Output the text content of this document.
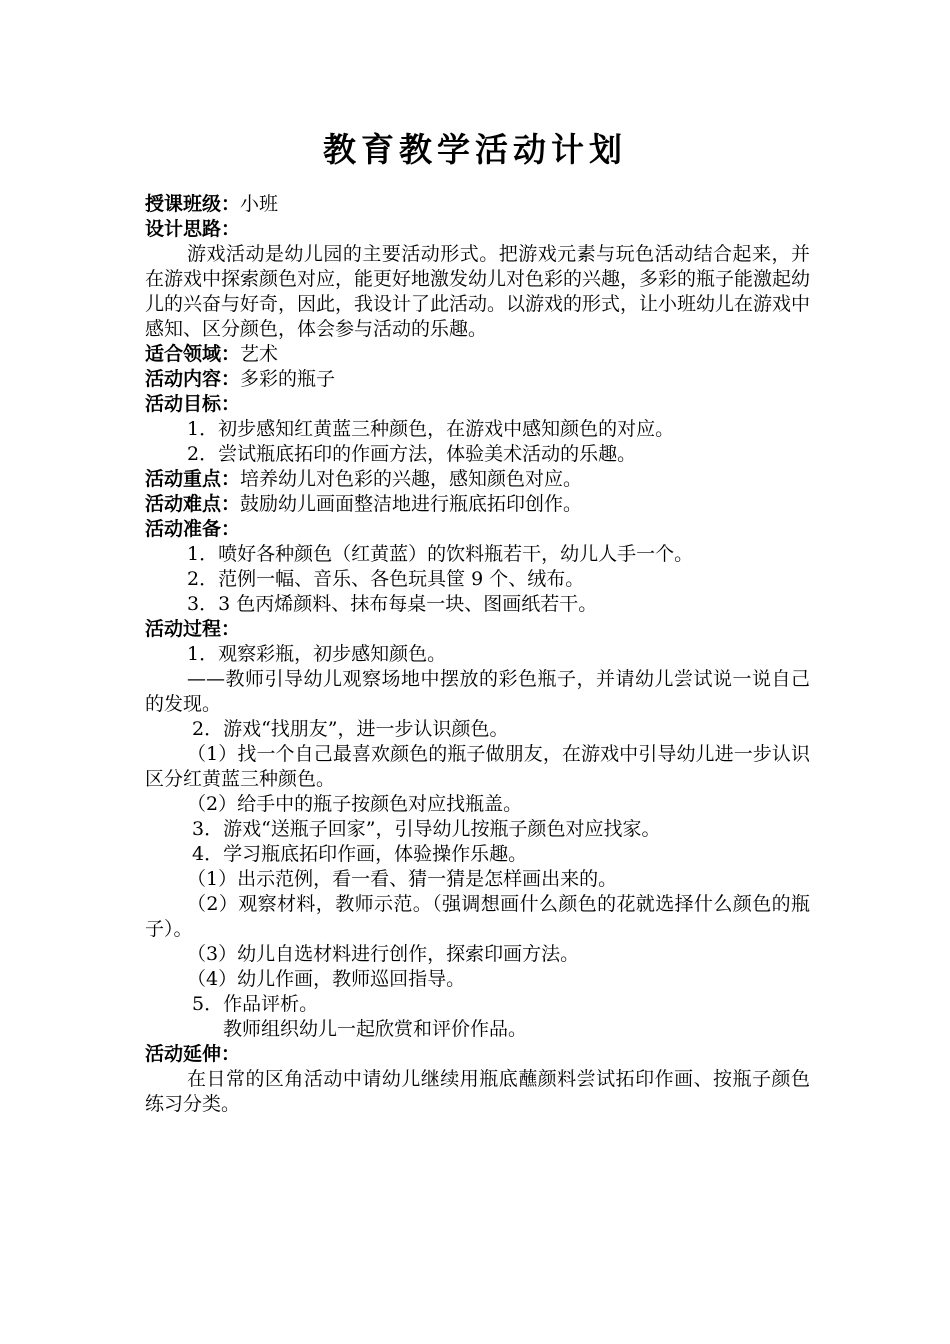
教育教学活动计划
授课班级：小班
设计思路：
游戏活动是幼儿园的主要活动形式。把游戏元素与玩色活动结合起来，并在游戏中探索颜色对应，能更好地激发幼儿对色彩的兴趣，多彩的瓶子能激起幼儿的兴奋与好奇，因此，我设计了此活动。以游戏的形式，让小班幼儿在游戏中感知、区分颜色，体会参与活动的乐趣。
适合领域：艺术
活动内容：多彩的瓶子
活动目标：
1．初步感知红黄蓝三种颜色，在游戏中感知颜色的对应。
2．尝试瓶底拓印的作画方法，体验美术活动的乐趣。
活动重点：培养幼儿对色彩的兴趣，感知颜色对应。
活动难点：鼓励幼儿画面整洁地进行瓶底拓印创作。
活动准备：
1．喷好各种颜色（红黄蓝）的饮料瓶若干，幼儿人手一个。
2．范例一幅、音乐、各色玩具筐 9 个、绒布。
3．3 色丙烯颜料、抹布每桌一块、图画纸若干。
活动过程：
1．观察彩瓶，初步感知颜色。
——教师引导幼儿观察场地中摆放的彩色瓶子，并请幼儿尝试说一说自己的发现。
2．游戏“找朋友”，进一步认识颜色。
（1）找一个自己最喜欢颜色的瓶子做朋友，在游戏中引导幼儿进一步认识区分红黄蓝三种颜色。
（2）给手中的瓶子按颜色对应找瓶盖。
3．游戏“送瓶子回家”，引导幼儿按瓶子颜色对应找家。
4．学习瓶底拓印作画，体验操作乐趣。
（1）出示范例，看一看、猜一猜是怎样画出来的。
（2）观察材料，教师示范。（强调想画什么颜色的花就选择什么颜色的瓶子）。
（3）幼儿自选材料进行创作，探索印画方法。
（4）幼儿作画，教师巡回指导。
5．作品评析。
教师组织幼儿一起欣赏和评价作品。
活动延伸：
在日常的区角活动中请幼儿继续用瓶底蘸颜料尝试拓印作画、按瓶子颜色练习分类。
